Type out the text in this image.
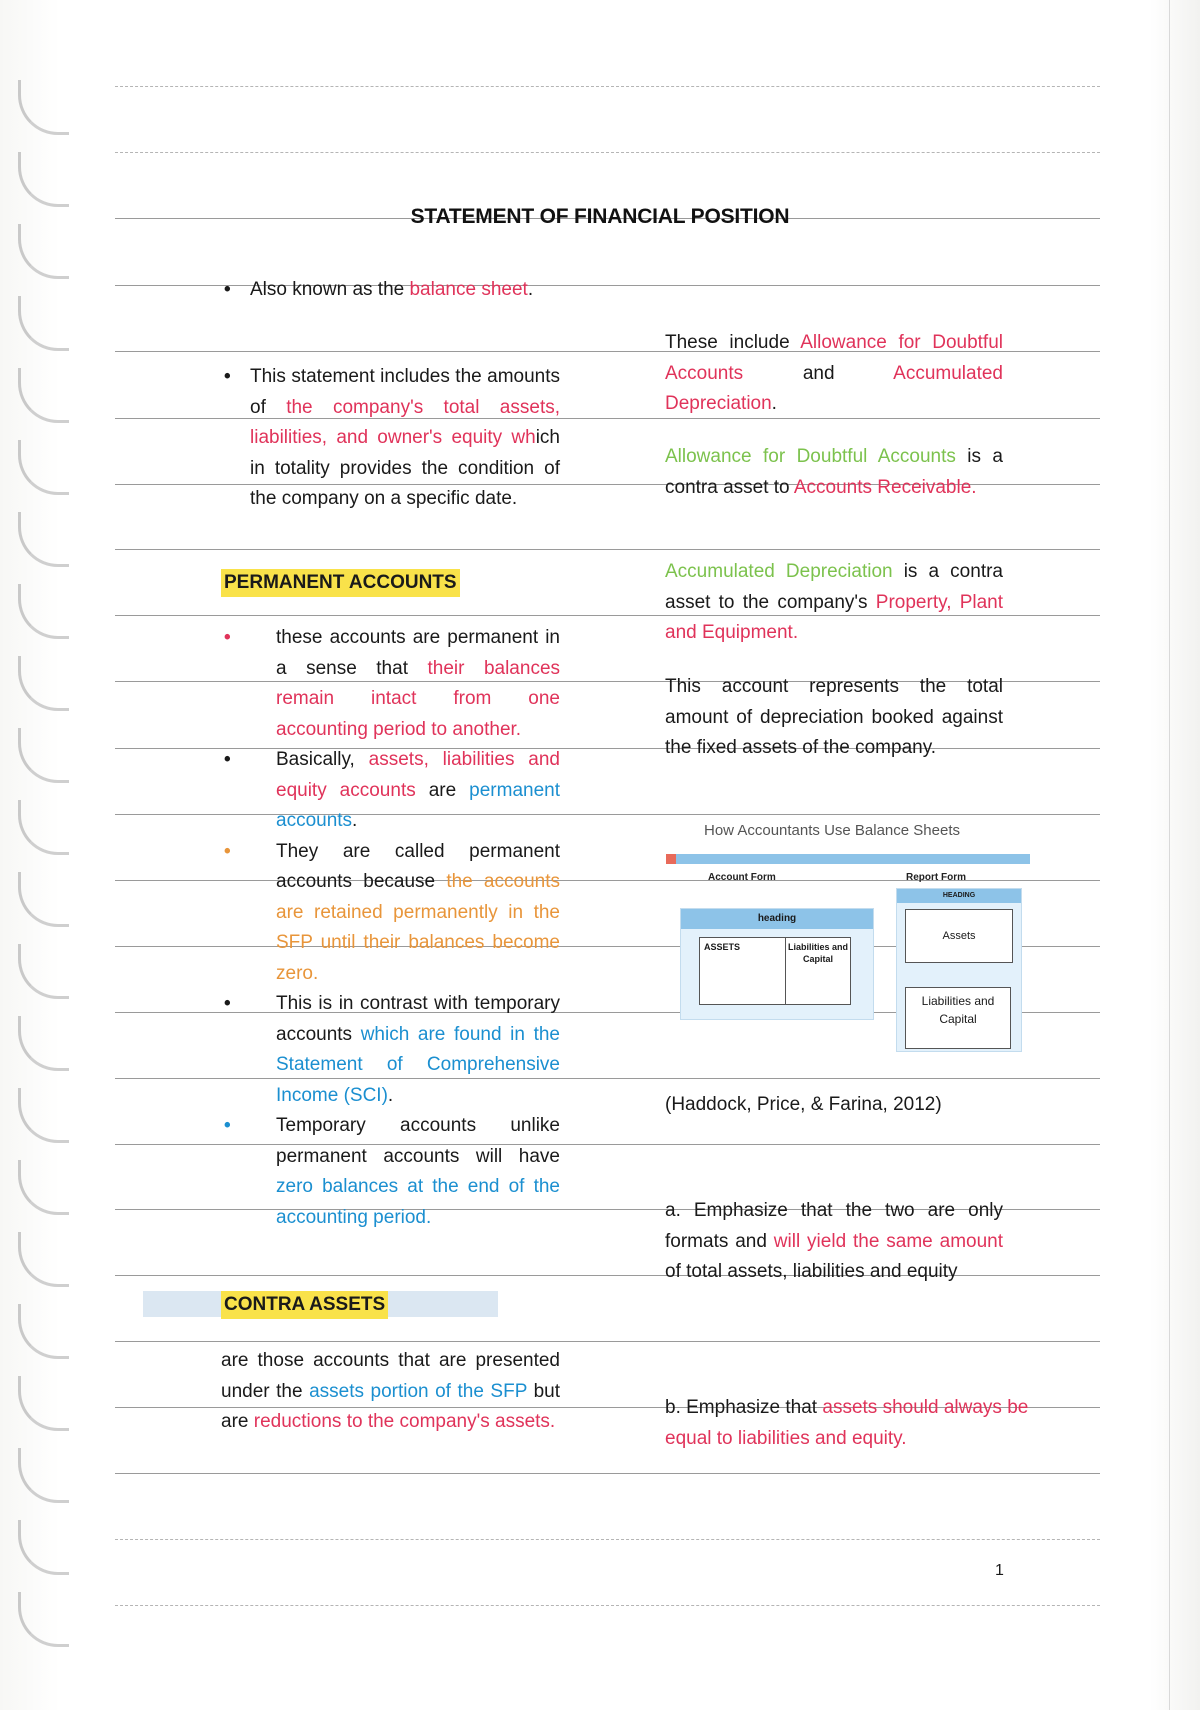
STATEMENT OF FINANCIAL POSITION
• Also known as the balance sheet.
• This statement includes the amounts of the company's total assets, liabilities, and owner's equity which in totality provides the condition of the company on a specific date.
PERMANENT ACCOUNTS
• these accounts are permanent in a sense that their balances remain intact from one accounting period to another.
• Basically, assets, liabilities and equity accounts are permanent accounts.
• They are called permanent accounts because the accounts are retained permanently in the SFP until their balances become zero.
• This is in contrast with temporary accounts which are found in the Statement of Comprehensive Income (SCI).
• Temporary accounts unlike permanent accounts will have zero balances at the end of the accounting period.
CONTRA ASSETS
are those accounts that are presented under the assets portion of the SFP but are reductions to the company's assets.
These include Allowance for Doubtful Accounts and Accumulated Depreciation.
Allowance for Doubtful Accounts is a contra asset to Accounts Receivable.
Accumulated Depreciation is a contra asset to the company's Property, Plant and Equipment.
This account represents the total amount of depreciation booked against the fixed assets of the company.
How Accountants Use Balance Sheets
Account Form	Report Form
heading
ASSETS	Liabilities and Capital
HEADING
Assets
Liabilities and Capital
(Haddock, Price, & Farina, 2012)
a. Emphasize that the two are only formats and will yield the same amount of total assets, liabilities and equity
b. Emphasize that assets should always be equal to liabilities and equity.
1
